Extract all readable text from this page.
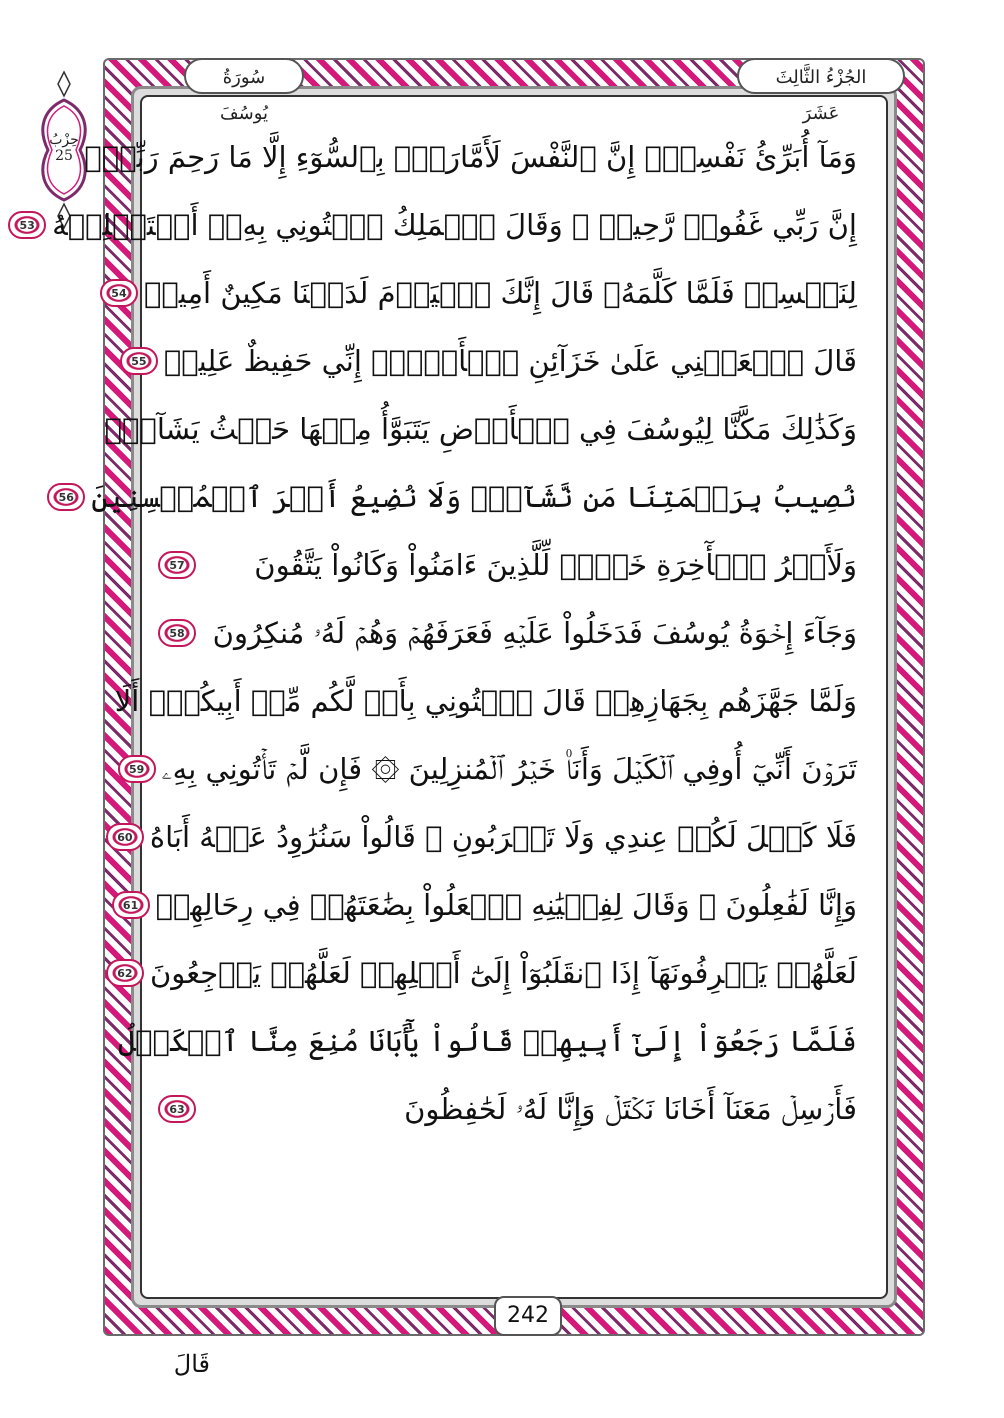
الجُزْءُ الثَّالِثَ عَشَرَ
سُورَةُ يُوسُفَ
حِزْبُ
25 وَمَآ أُبَرِّئُ نَفْسِيٓۚ إِنَّ ٱلنَّفْسَ لَأَمَّارَةُۢ بِٱلسُّوٓءِ إِلَّا مَا رَحِمَ رَبِّيٓۚ
إِنَّ رَبِّي غَفُورٞ رَّحِيمٞ ۞ وَقَالَ ٱلۡمَلِكُ ٱئۡتُونِي بِهِۦٓ أَسۡتَخۡلِصۡهُ
53
لِنَفۡسِيۖ فَلَمَّا كَلَّمَهُۥ قَالَ إِنَّكَ ٱلۡيَوۡمَ لَدَيۡنَا مَكِينٌ أَمِينٞ
54
قَالَ ٱجۡعَلۡنِي عَلَىٰ خَزَآئِنِ ٱلۡأَرۡضِۖ إِنِّي حَفِيظٌ عَلِيمٞ
55
وَكَذَٰلِكَ مَكَّنَّا لِيُوسُفَ فِي ٱلۡأَرۡضِ يَتَبَوَّأُ مِنۡهَا حَيۡثُ يَشَآءُۚ
نُصِيبُ بِرَحۡمَتِنَا مَن نَّشَآءُۖ وَلَا نُضِيعُ أَجۡرَ ٱلۡمُحۡسِنِينَ
56
وَلَأَجۡرُ ٱلۡأٓخِرَةِ خَيۡرٞ لِّلَّذِينَ ءَامَنُواْ وَكَانُواْ يَتَّقُونَ
57
وَجَآءَ إِخۡوَةُ يُوسُفَ فَدَخَلُواْ عَلَيۡهِ فَعَرَفَهُمۡ وَهُمۡ لَهُۥ مُنكِرُونَ
58
وَلَمَّا جَهَّزَهُم بِجَهَازِهِمۡ قَالَ ٱئۡتُونِي بِأَخٖ لَّكُم مِّنۡ أَبِيكُمۡۚ أَلَا
تَرَوۡنَ أَنِّيٓ أُوفِي ٱلۡكَيۡلَ وَأَنَا۠ خَيۡرُ ٱلۡمُنزِلِينَ ۞ فَإِن لَّمۡ تَأۡتُونِي بِهِۦ
59
فَلَا كَيۡلَ لَكُمۡ عِندِي وَلَا تَقۡرَبُونِ ۞ قَالُواْ سَنُرَٰوِدُ عَنۡهُ أَبَاهُ
60
وَإِنَّا لَفَٰعِلُونَ ۞ وَقَالَ لِفِتۡيَٰنِهِ ٱجۡعَلُواْ بِضَٰعَتَهُمۡ فِي رِحَالِهِمۡ
61
لَعَلَّهُمۡ يَعۡرِفُونَهَآ إِذَا ٱنقَلَبُوٓاْ إِلَىٰٓ أَهۡلِهِمۡ لَعَلَّهُمۡ يَرۡجِعُونَ
62
فَلَمَّا رَجَعُوٓاْ إِلَىٰٓ أَبِيهِمۡ قَالُواْ يَٰٓأَبَانَا مُنِعَ مِنَّا ٱلۡكَيۡلُ
فَأَرۡسِلۡ مَعَنَآ أَخَانَا نَكۡتَلۡ وَإِنَّا لَهُۥ لَحَٰفِظُونَ
63
242
قَالَ
